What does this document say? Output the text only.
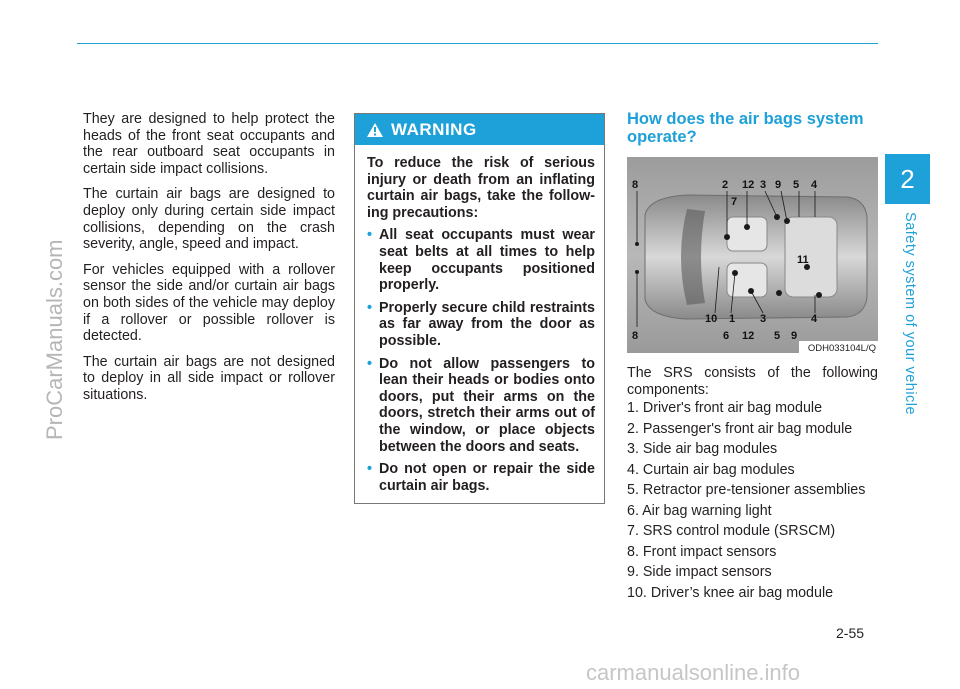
2
Safety system of your vehicle
ProCarManuals.com

They are designed to help protect the heads of the front seat occupants and the rear outboard seat occupants in certain side impact collisions.

The curtain air bags are designed to deploy only during certain side impact collisions, depending on the crash severity, angle, speed and impact.

For vehicles equipped with a rollover sensor the side and/or curtain air bags on both sides of the vehicle may deploy if a rollover or possible rollover is detected.

The curtain air bags are not designed to deploy in all side impact or rollover situations.

WARNING

To reduce the risk of serious injury or death from an inflating curtain air bags, take the follow-ing precautions:

• All seat occupants must wear seat belts at all times to help keep occupants positioned properly.
• Properly secure child restraints as far away from the door as possible.
• Do not allow passengers to lean their heads or bodies onto doors, put their arms on the doors, stretch their arms out of the window, or place objects between the doors and seats.
• Do not open or repair the side curtain air bags.
How does the air bags system operate?
8	2 12 3 9 5 4
7
11
8
10 1 3	4
6 12 5 9
ODH033104L/Q

The SRS consists of the following components:

1. Driver's front air bag module
2. Passenger's front air bag module
3. Side air bag modules
4. Curtain air bag modules
5. Retractor pre-tensioner assemblies
6. Air bag warning light
7. SRS control module (SRSCM)
8. Front impact sensors
9. Side impact sensors
10. Driver’s knee air bag module
2-55
carmanualsonline.info
